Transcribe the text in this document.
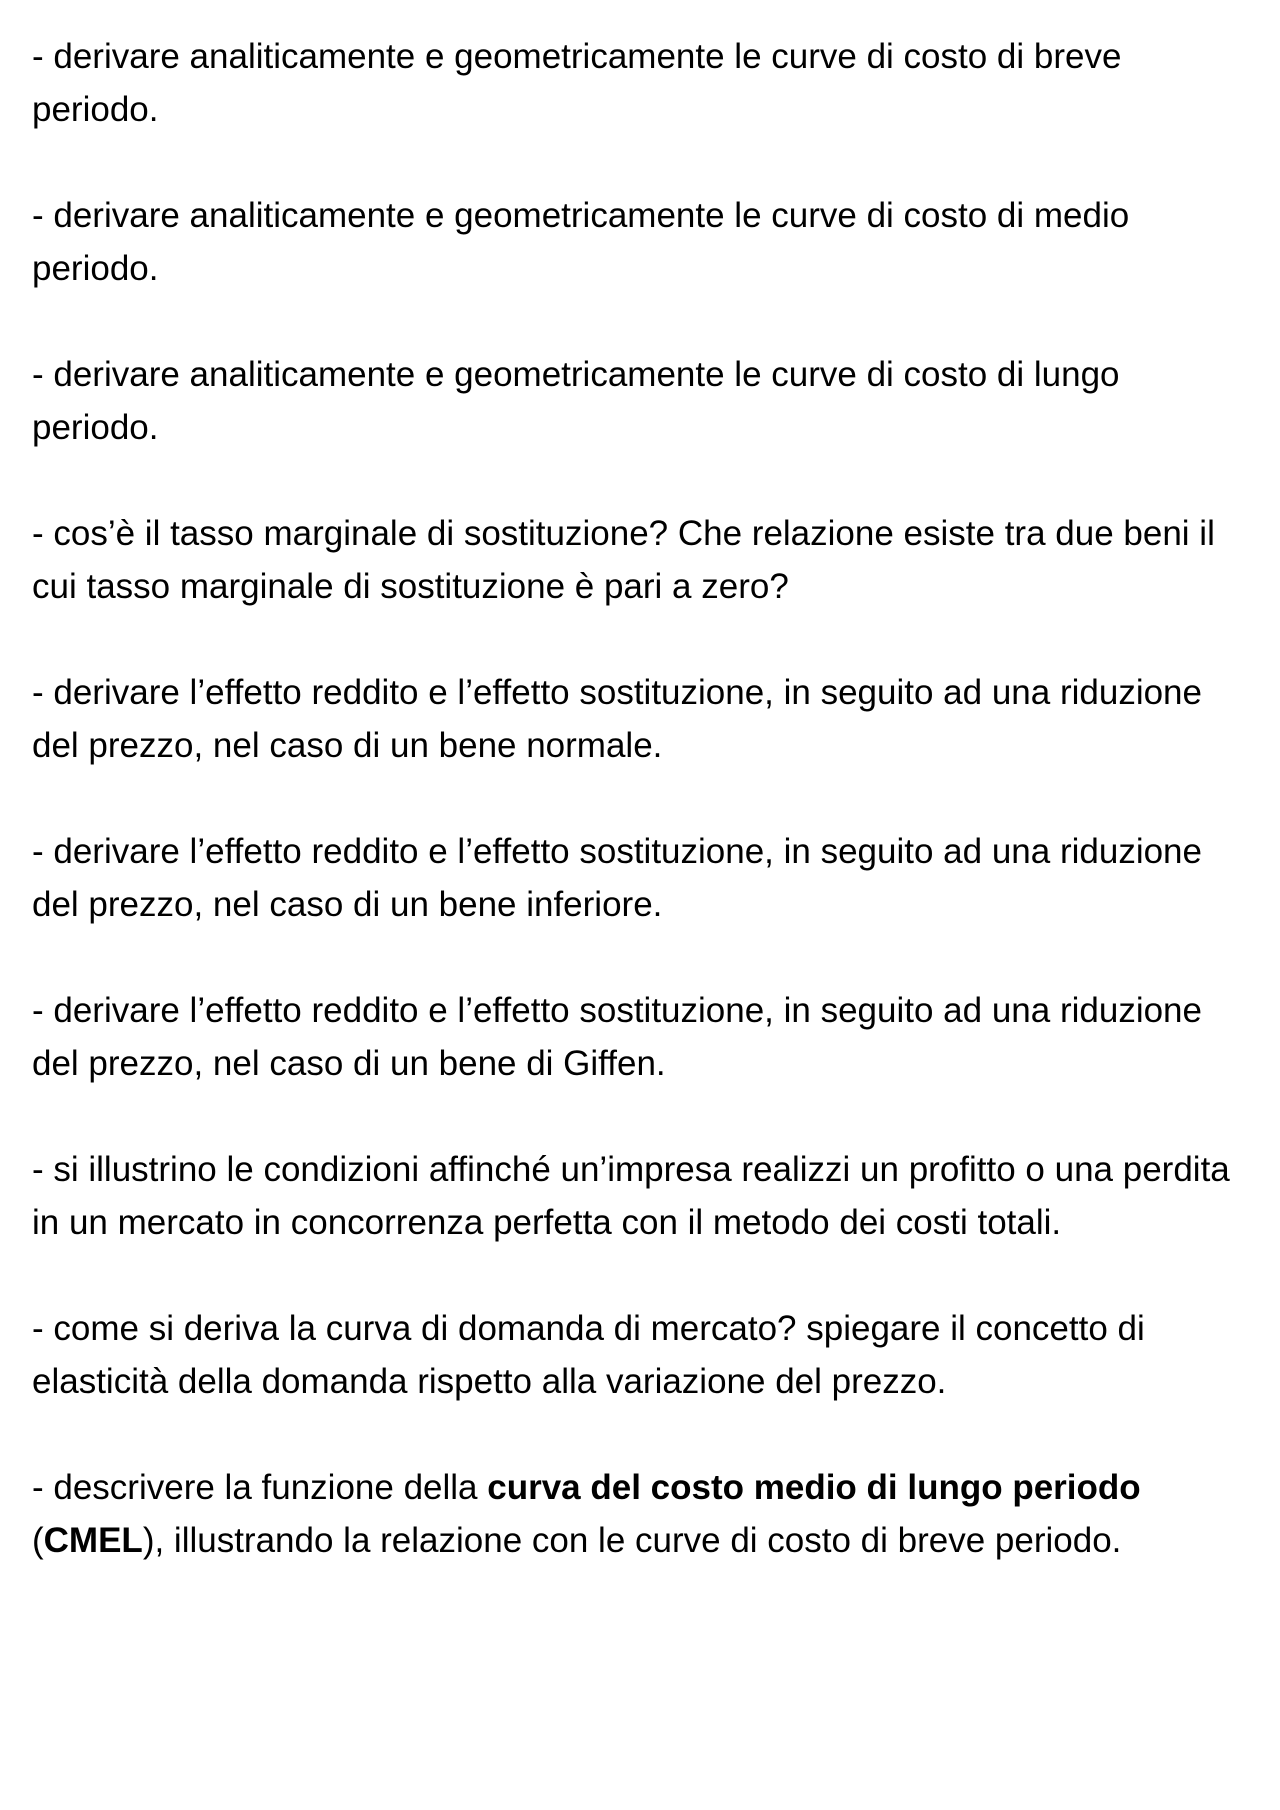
- derivare analiticamente e geometricamente le curve di costo di breve periodo.

- derivare analiticamente e geometricamente le curve di costo di medio periodo.

- derivare analiticamente e geometricamente le curve di costo di lungo periodo.

- cos’è il tasso marginale di sostituzione? Che relazione esiste tra due beni il cui tasso marginale di sostituzione è pari a zero?

- derivare l’effetto reddito e l’effetto sostituzione, in seguito ad una riduzione del prezzo, nel caso di un bene normale.

- derivare l’effetto reddito e l’effetto sostituzione, in seguito ad una riduzione del prezzo, nel caso di un bene inferiore.

- derivare l’effetto reddito e l’effetto sostituzione, in seguito ad una riduzione del prezzo, nel caso di un bene di Giffen.

- si illustrino le condizioni affinché un’impresa realizzi un profitto o una perdita in un mercato in concorrenza perfetta con il metodo dei costi totali.

- come si deriva la curva di domanda di mercato? spiegare il concetto di elasticità della domanda rispetto alla variazione del prezzo.

- descrivere la funzione della curva del costo medio di lungo periodo (CMEL), illustrando la relazione con le curve di costo di breve periodo.
